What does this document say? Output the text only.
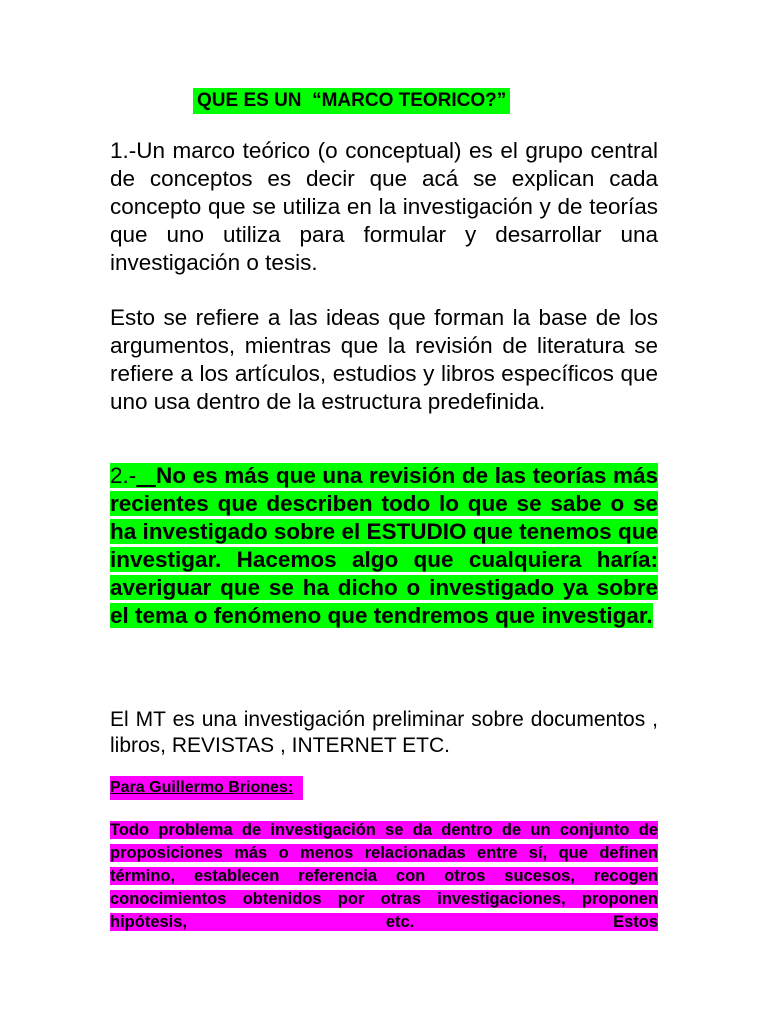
QUE ES UN  “MARCO TEORICO?”
1.-Un marco teórico (o conceptual) es el grupo central de conceptos es decir que acá se explican cada concepto que se utiliza en la investigación y de teorías que uno utiliza para formular y desarrollar una investigación o tesis.
Esto se refiere a las ideas que forman la base de los argumentos, mientras que la revisión de literatura se refiere a los artículos, estudios y libros específicos que uno usa dentro de la estructura predefinida.
2.- No es más que una revisión de las teorías más recientes que describen todo lo que se sabe o se ha investigado sobre el ESTUDIO que tenemos que investigar. Hacemos algo que cualquiera haría: averiguar que se ha dicho o investigado ya sobre el tema o fenómeno que tendremos que investigar.
El MT es una investigación preliminar sobre documentos , libros, REVISTAS , INTERNET ETC.
Para Guillermo Briones:
Todo problema de investigación se da dentro de un conjunto de proposiciones más o menos relacionadas entre sí, que definen término, establecen referencia con otros sucesos, recogen conocimientos obtenidos por otras investigaciones, proponen hipótesis, etc. Estos
